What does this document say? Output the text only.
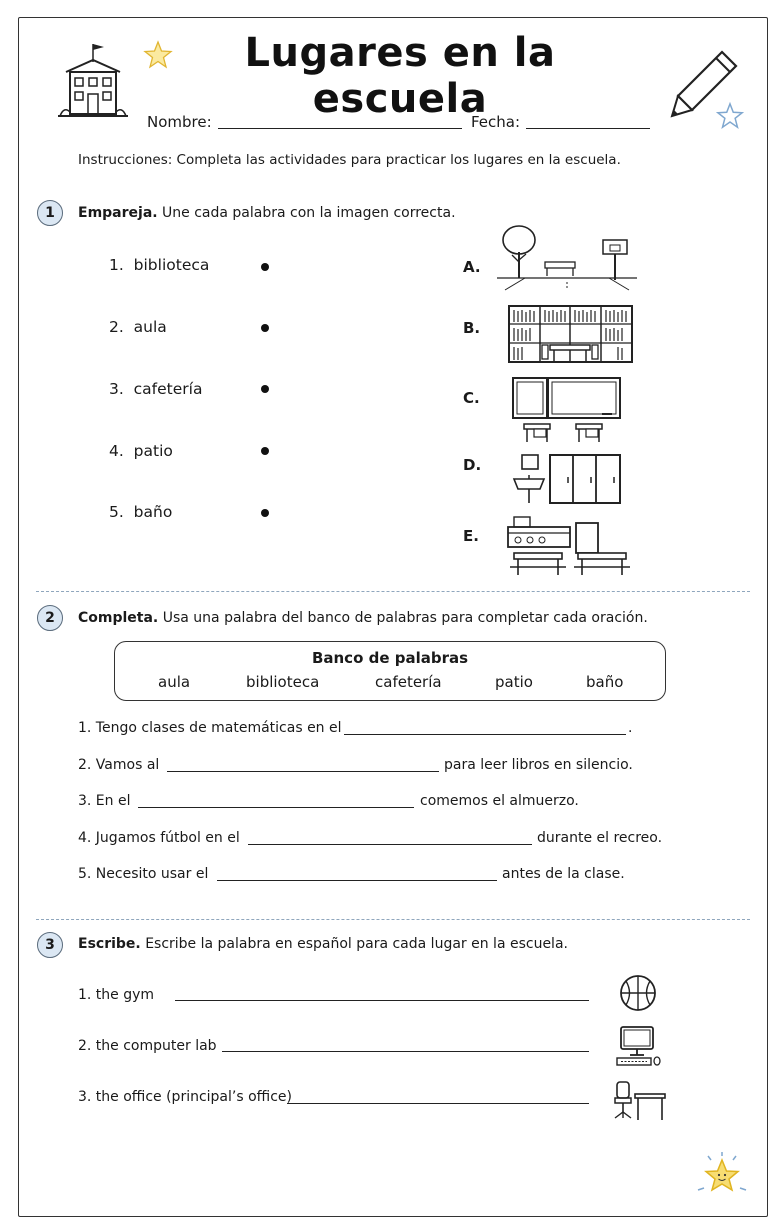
Lugares en la escuela
Nombre:	Fecha:
Instrucciones: Completa las actividades para practicar los lugares en la escuela.
1	Empareja. Une cada palabra con la imagen correcta.
1. biblioteca
2. aula
3. cafetería
4. patio
5. baño
A.
B.
C.
D.
E.
2	Completa. Usa una palabra del banco de palabras para completar cada oración.
Banco de palabras
aula	biblioteca	cafetería	patio	baño
1. Tengo clases de matemáticas en el	.
2. Vamos al	para leer libros en silencio.
3. En el	comemos el almuerzo.
4. Jugamos fútbol en el	durante el recreo.
5. Necesito usar el	antes de la clase.
3	Escribe. Escribe la palabra en español para cada lugar en la escuela.
1. the gym
2. the computer lab
3. the office (principal’s office)
